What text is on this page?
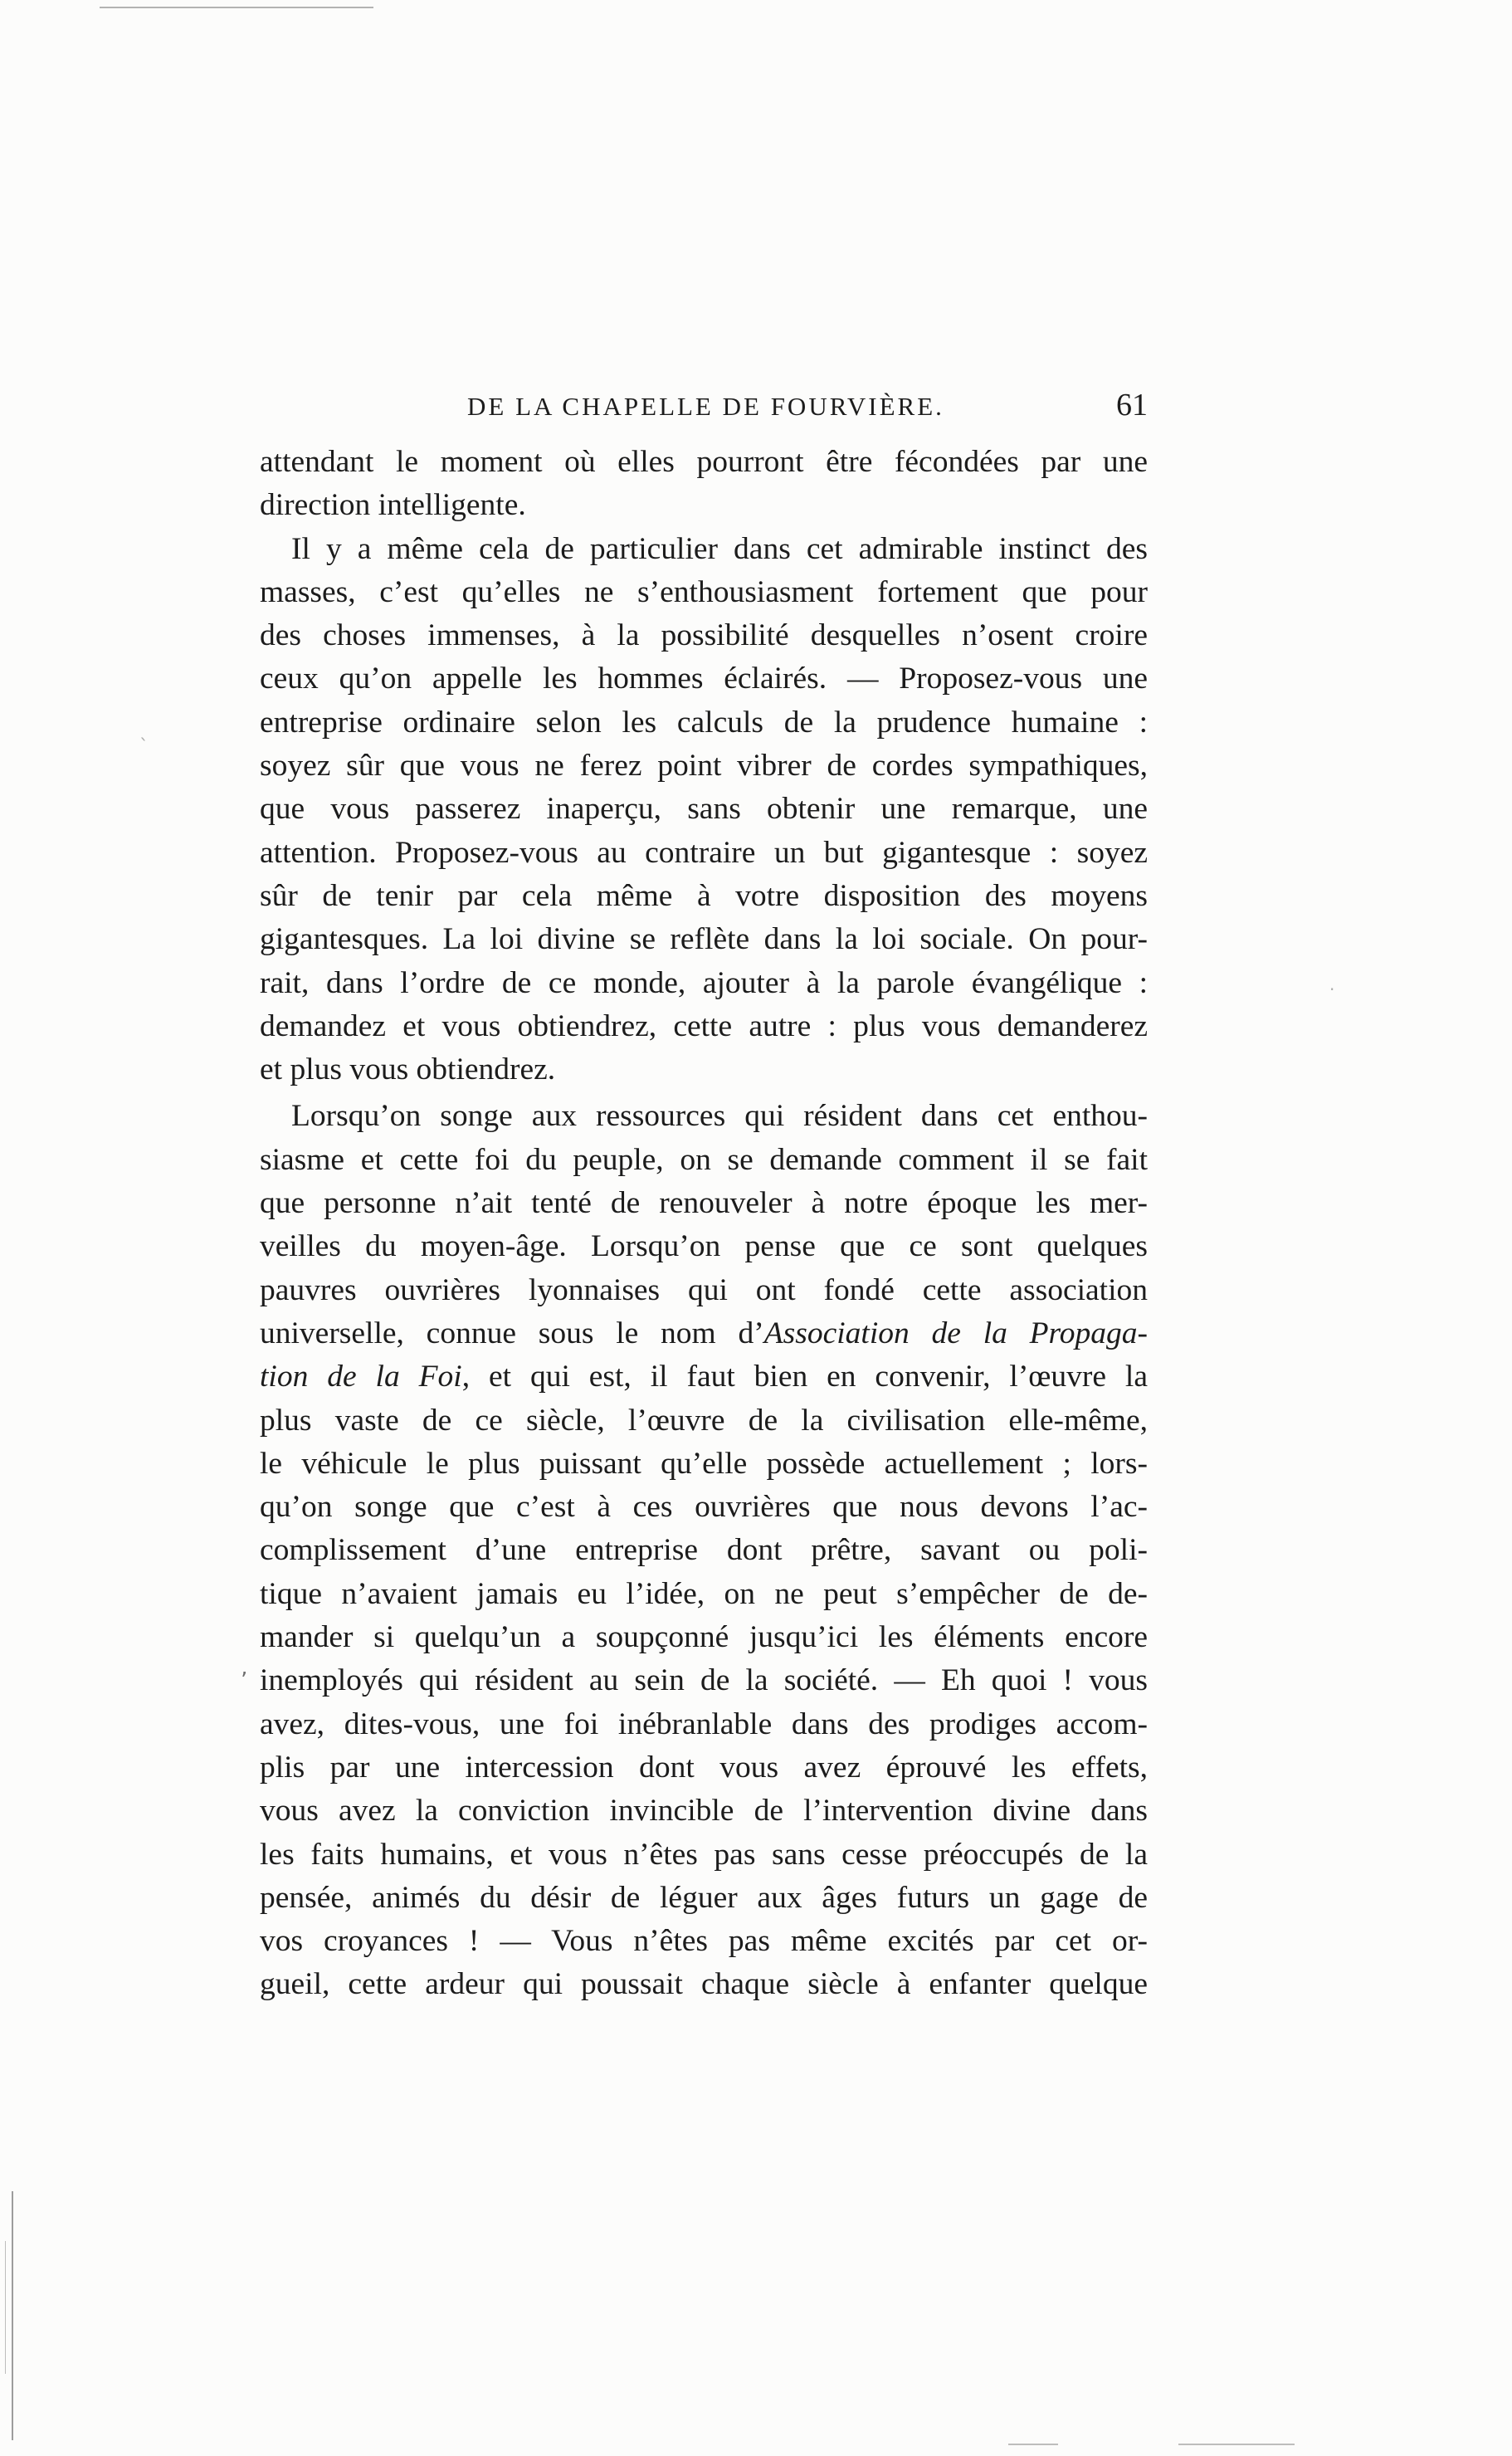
ˎ
·
ʼ
DE LA CHAPELLE DE FOURVIÈRE.	61
attendant le moment où elles pourront être fécondées par une
direction intelligente.
Il y a même cela de particulier dans cet admirable instinct des
masses, c’est qu’elles ne s’enthousiasment fortement que pour
des choses immenses, à la possibilité desquelles n’osent croire
ceux qu’on appelle les hommes éclairés. — Proposez-vous une
entreprise ordinaire selon les calculs de la prudence humaine :
soyez sûr que vous ne ferez point vibrer de cordes sympathiques,
que vous passerez inaperçu, sans obtenir une remarque, une
attention. Proposez-vous au contraire un but gigantesque : soyez
sûr de tenir par cela même à votre disposition des moyens
gigantesques. La loi divine se reflète dans la loi sociale. On pour-
rait, dans l’ordre de ce monde, ajouter à la parole évangélique :
demandez et vous obtiendrez, cette autre : plus vous demanderez
et plus vous obtiendrez.
Lorsqu’on songe aux ressources qui résident dans cet enthou-
siasme et cette foi du peuple, on se demande comment il se fait
que personne n’ait tenté de renouveler à notre époque les mer-
veilles du moyen-âge. Lorsqu’on pense que ce sont quelques
pauvres ouvrières lyonnaises qui ont fondé cette association
universelle, connue sous le nom d’Association de la Propaga-
tion de la Foi, et qui est, il faut bien en convenir, l’œuvre la
plus vaste de ce siècle, l’œuvre de la civilisation elle-même,
le véhicule le plus puissant qu’elle possède actuellement ; lors-
qu’on songe que c’est à ces ouvrières que nous devons l’ac-
complissement d’une entreprise dont prêtre, savant ou poli-
tique n’avaient jamais eu l’idée, on ne peut s’empêcher de de-
mander si quelqu’un a soupçonné jusqu’ici les éléments encore
inemployés qui résident au sein de la société. — Eh quoi ! vous
avez, dites-vous, une foi inébranlable dans des prodiges accom-
plis par une intercession dont vous avez éprouvé les effets,
vous avez la conviction invincible de l’intervention divine dans
les faits humains, et vous n’êtes pas sans cesse préoccupés de la
pensée, animés du désir de léguer aux âges futurs un gage de
vos croyances ! — Vous n’êtes pas même excités par cet or-
gueil, cette ardeur qui poussait chaque siècle à enfanter quelque
